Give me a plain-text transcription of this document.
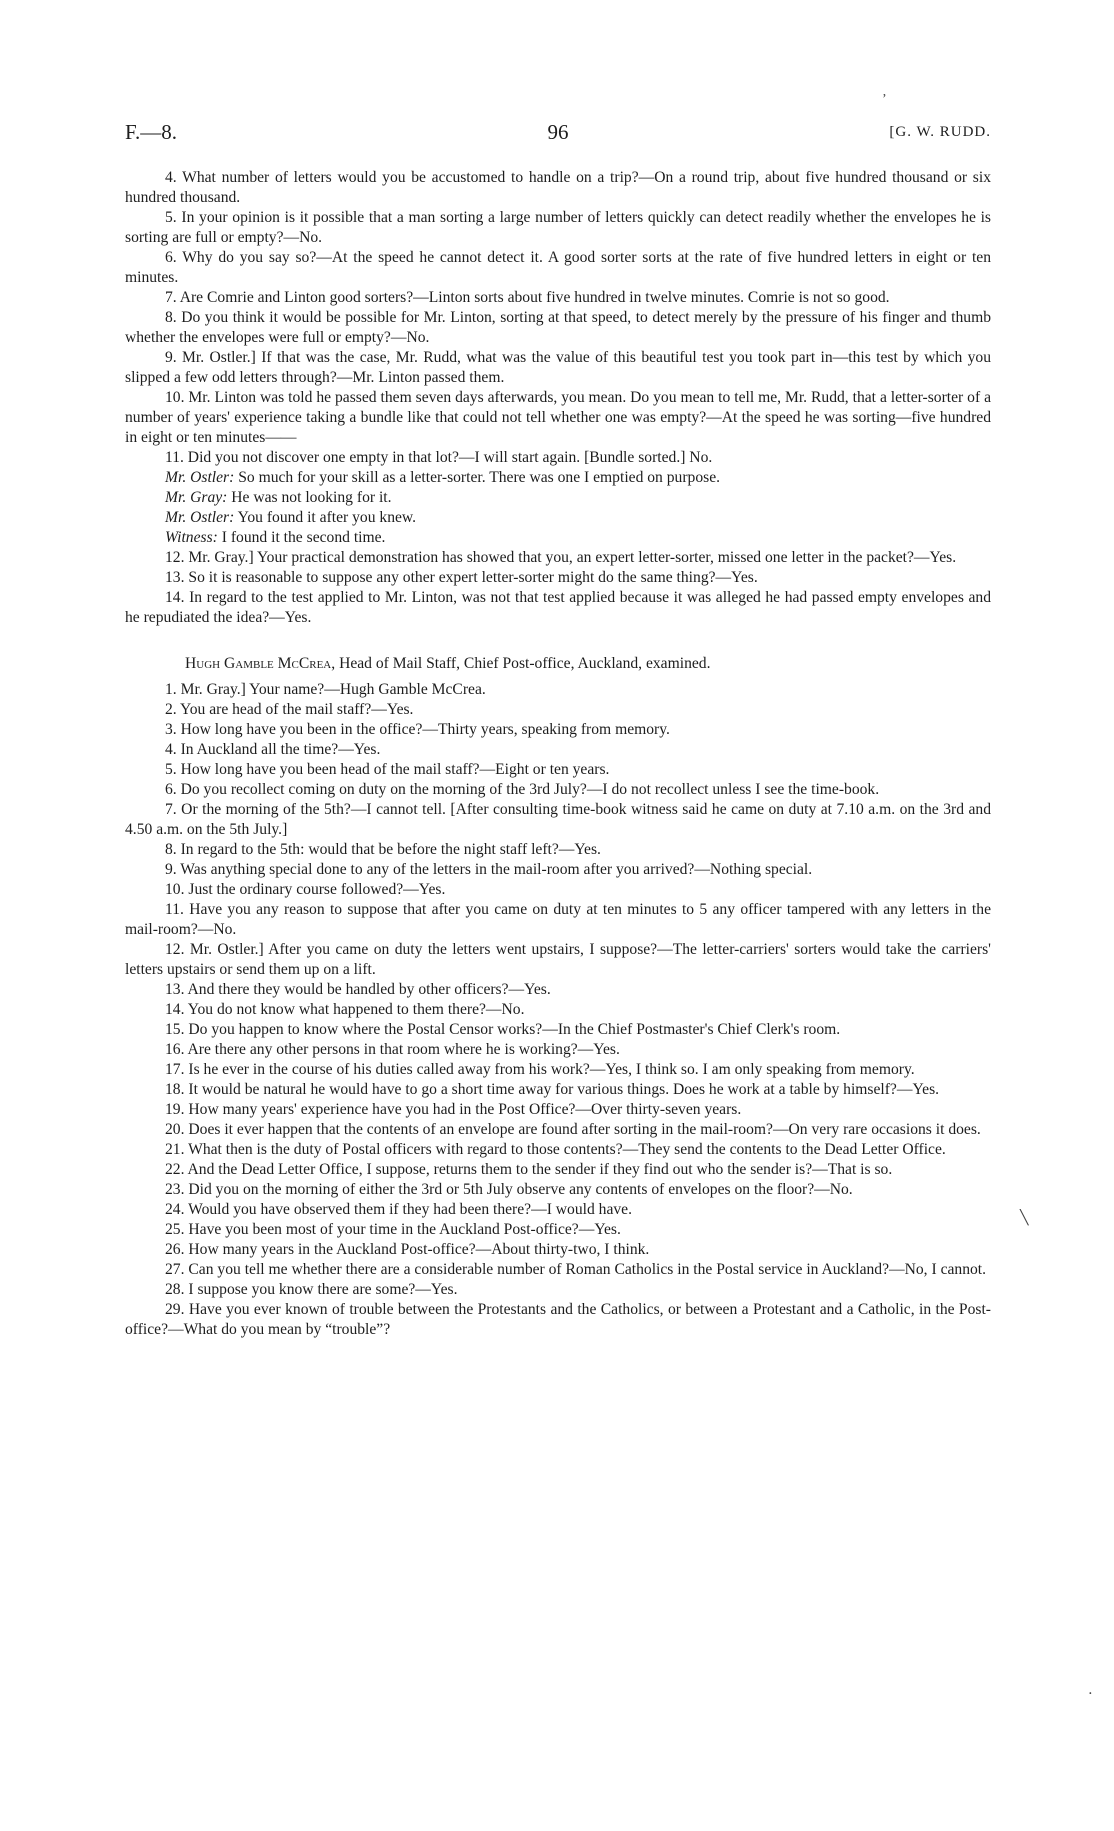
F.—8.	96	[G. W. RUDD.

4. What number of letters would you be accustomed to handle on a trip?—On a round trip, about five hundred thousand or six hundred thousand.

5. In your opinion is it possible that a man sorting a large number of letters quickly can detect readily whether the envelopes he is sorting are full or empty?—No.

6. Why do you say so?—At the speed he cannot detect it. A good sorter sorts at the rate of five hundred letters in eight or ten minutes.

7. Are Comrie and Linton good sorters?—Linton sorts about five hundred in twelve minutes. Comrie is not so good.

8. Do you think it would be possible for Mr. Linton, sorting at that speed, to detect merely by the pressure of his finger and thumb whether the envelopes were full or empty?—No.

9. Mr. Ostler.] If that was the case, Mr. Rudd, what was the value of this beautiful test you took part in—this test by which you slipped a few odd letters through?—Mr. Linton passed them.

10. Mr. Linton was told he passed them seven days afterwards, you mean. Do you mean to tell me, Mr. Rudd, that a letter-sorter of a number of years' experience taking a bundle like that could not tell whether one was empty?—At the speed he was sorting—five hundred in eight or ten minutes——

11. Did you not discover one empty in that lot?—I will start again. [Bundle sorted.] No.

Mr. Ostler: So much for your skill as a letter-sorter. There was one I emptied on purpose.

Mr. Gray: He was not looking for it.

Mr. Ostler: You found it after you knew.

Witness: I found it the second time.

12. Mr. Gray.] Your practical demonstration has showed that you, an expert letter-sorter, missed one letter in the packet?—Yes.

13. So it is reasonable to suppose any other expert letter-sorter might do the same thing?—Yes.

14. In regard to the test applied to Mr. Linton, was not that test applied because it was alleged he had passed empty envelopes and he repudiated the idea?—Yes.

Hugh Gamble McCrea, Head of Mail Staff, Chief Post-office, Auckland, examined.

1. Mr. Gray.] Your name?—Hugh Gamble McCrea.

2. You are head of the mail staff?—Yes.

3. How long have you been in the office?—Thirty years, speaking from memory.

4. In Auckland all the time?—Yes.

5. How long have you been head of the mail staff?—Eight or ten years.

6. Do you recollect coming on duty on the morning of the 3rd July?—I do not recollect unless I see the time-book.

7. Or the morning of the 5th?—I cannot tell. [After consulting time-book witness said he came on duty at 7.10 a.m. on the 3rd and 4.50 a.m. on the 5th July.]

8. In regard to the 5th: would that be before the night staff left?—Yes.

9. Was anything special done to any of the letters in the mail-room after you arrived?—Nothing special.

10. Just the ordinary course followed?—Yes.

11. Have you any reason to suppose that after you came on duty at ten minutes to 5 any officer tampered with any letters in the mail-room?—No.

12. Mr. Ostler.] After you came on duty the letters went upstairs, I suppose?—The letter-carriers' sorters would take the carriers' letters upstairs or send them up on a lift.

13. And there they would be handled by other officers?—Yes.

14. You do not know what happened to them there?—No.

15. Do you happen to know where the Postal Censor works?—In the Chief Postmaster's Chief Clerk's room.

16. Are there any other persons in that room where he is working?—Yes.

17. Is he ever in the course of his duties called away from his work?—Yes, I think so. I am only speaking from memory.

18. It would be natural he would have to go a short time away for various things. Does he work at a table by himself?—Yes.

19. How many years' experience have you had in the Post Office?—Over thirty-seven years.

20. Does it ever happen that the contents of an envelope are found after sorting in the mail-room?—On very rare occasions it does.

21. What then is the duty of Postal officers with regard to those contents?—They send the contents to the Dead Letter Office.

22. And the Dead Letter Office, I suppose, returns them to the sender if they find out who the sender is?—That is so.

23. Did you on the morning of either the 3rd or 5th July observe any contents of envelopes on the floor?—No.

24. Would you have observed them if they had been there?—I would have.

25. Have you been most of your time in the Auckland Post-office?—Yes.

26. How many years in the Auckland Post-office?—About thirty-two, I think.

27. Can you tell me whether there are a considerable number of Roman Catholics in the Postal service in Auckland?—No, I cannot.

28. I suppose you know there are some?—Yes.

29. Have you ever known of trouble between the Protestants and the Catholics, or between a Protestant and a Catholic, in the Post-office?—What do you mean by “trouble”?

’
╲
․
